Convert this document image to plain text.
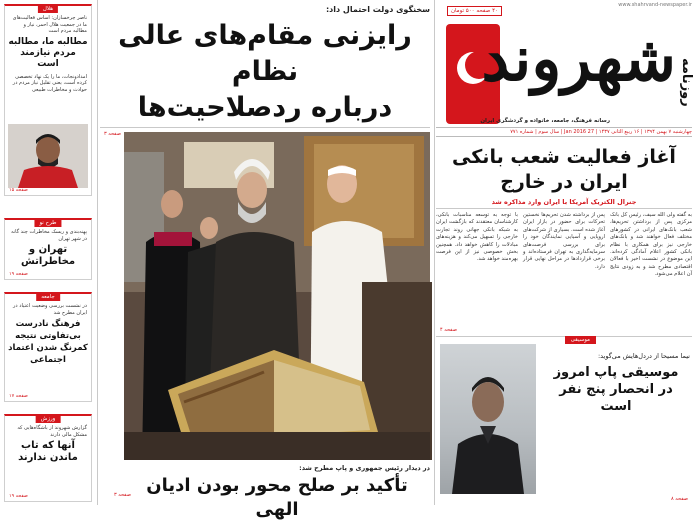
www.shahrvand-newspaper.ir
۴۰ صفحه ۵۰۰ تومان
روزنامه
شهروند
رسانه فرهنگ، جامعه، خانواده و گردشگری ایران
چهارشنبه ۷ بهمن ۱۳۹۴ | ۱۶ ربیع الثانی ۱۴۳۷ | 27 Jan 2016 | سال سوم | شماره ۷۷۱
آغاز فعالیت شعب بانکی
ایران در خارج
جنرال الکتریک آمریکا با ایران وارد مذاکره شد
به گفته ولی الله سیف، رئیس کل بانک مرکزی پس از برداشتن تحریم‌ها، شعب بانک‌های ایرانی در کشورهای مختلف فعال خواهند شد و بانک‌های خارجی نیز برای همکاری با نظام بانکی کشور اعلام آمادگی کرده‌اند. این موضوع در نشست اخیر با فعالان اقتصادی مطرح شد و به زودی نتایج آن اعلام می‌شود.
پس از برداشته شدن تحریم‌ها نخستین تحرکات برای حضور در بازار ایران آغاز شده است. بسیاری از شرکت‌های اروپایی و آسیایی نمایندگان خود را برای بررسی فرصت‌های سرمایه‌گذاری به تهران فرستاده‌اند و برخی قراردادها در مراحل نهایی قرار دارد.
با توجه به توسعه مناسبات بانکی، کارشناسان معتقدند که بازگشت ایران به شبکه بانکی جهانی روند تجارت خارجی را تسهیل می‌کند و هزینه‌های مبادلات را کاهش خواهد داد. همچنین بخش خصوصی نیز از این فرصت بهره‌مند خواهد شد.
صفحه ۴
موسیقی
نیما مسیحا از دردل‌هایش می‌گوید:
موسیقی پاپ امروز
در انحصار پنج نفر است
صفحه ۸
سخنگوی دولت احتمال داد:
رایزنی مقام‌های عالی نظام
درباره ردصلاحیت‌ها
صفحه ۳
در دیدار رئیس جمهوری و پاپ مطرح شد:
تأکید بر صلح محور بودن ادیان الهی
صفحه ۳
هلال
ناصر چرخسازان: اساس فعالیت‌های ما در جمعیت هلال احمر، نیاز و مطالبه مردم است
مطالبه ما، مطالبه مردم نیازمند است
امدادونجات، ما را یک نهاد تخصصی کرده است، یعنی تقلیل نیاز مردم در حوادث و مخاطرات طبیعی
صفحه ۱۵
طرح نو
پهنه‌بندی و ریسک مخاطرات چند گانه در شهر تهران
تهران و مخاطراتش
صفحه ۱۹
جامعه
در نشست بررسی وضعیت اعتیاد در ایران مطرح شد
فرهنگ نادرست بی‌تفاوتی نتیجه کمرنگ شدن اعتماد اجتماعی
صفحه ۱۷
ورزش
گزارش شهروند از باشگاه‌هایی که مشکل مالی دارند
آنها که تاب ماندن ندارند
صفحه ۱۹
